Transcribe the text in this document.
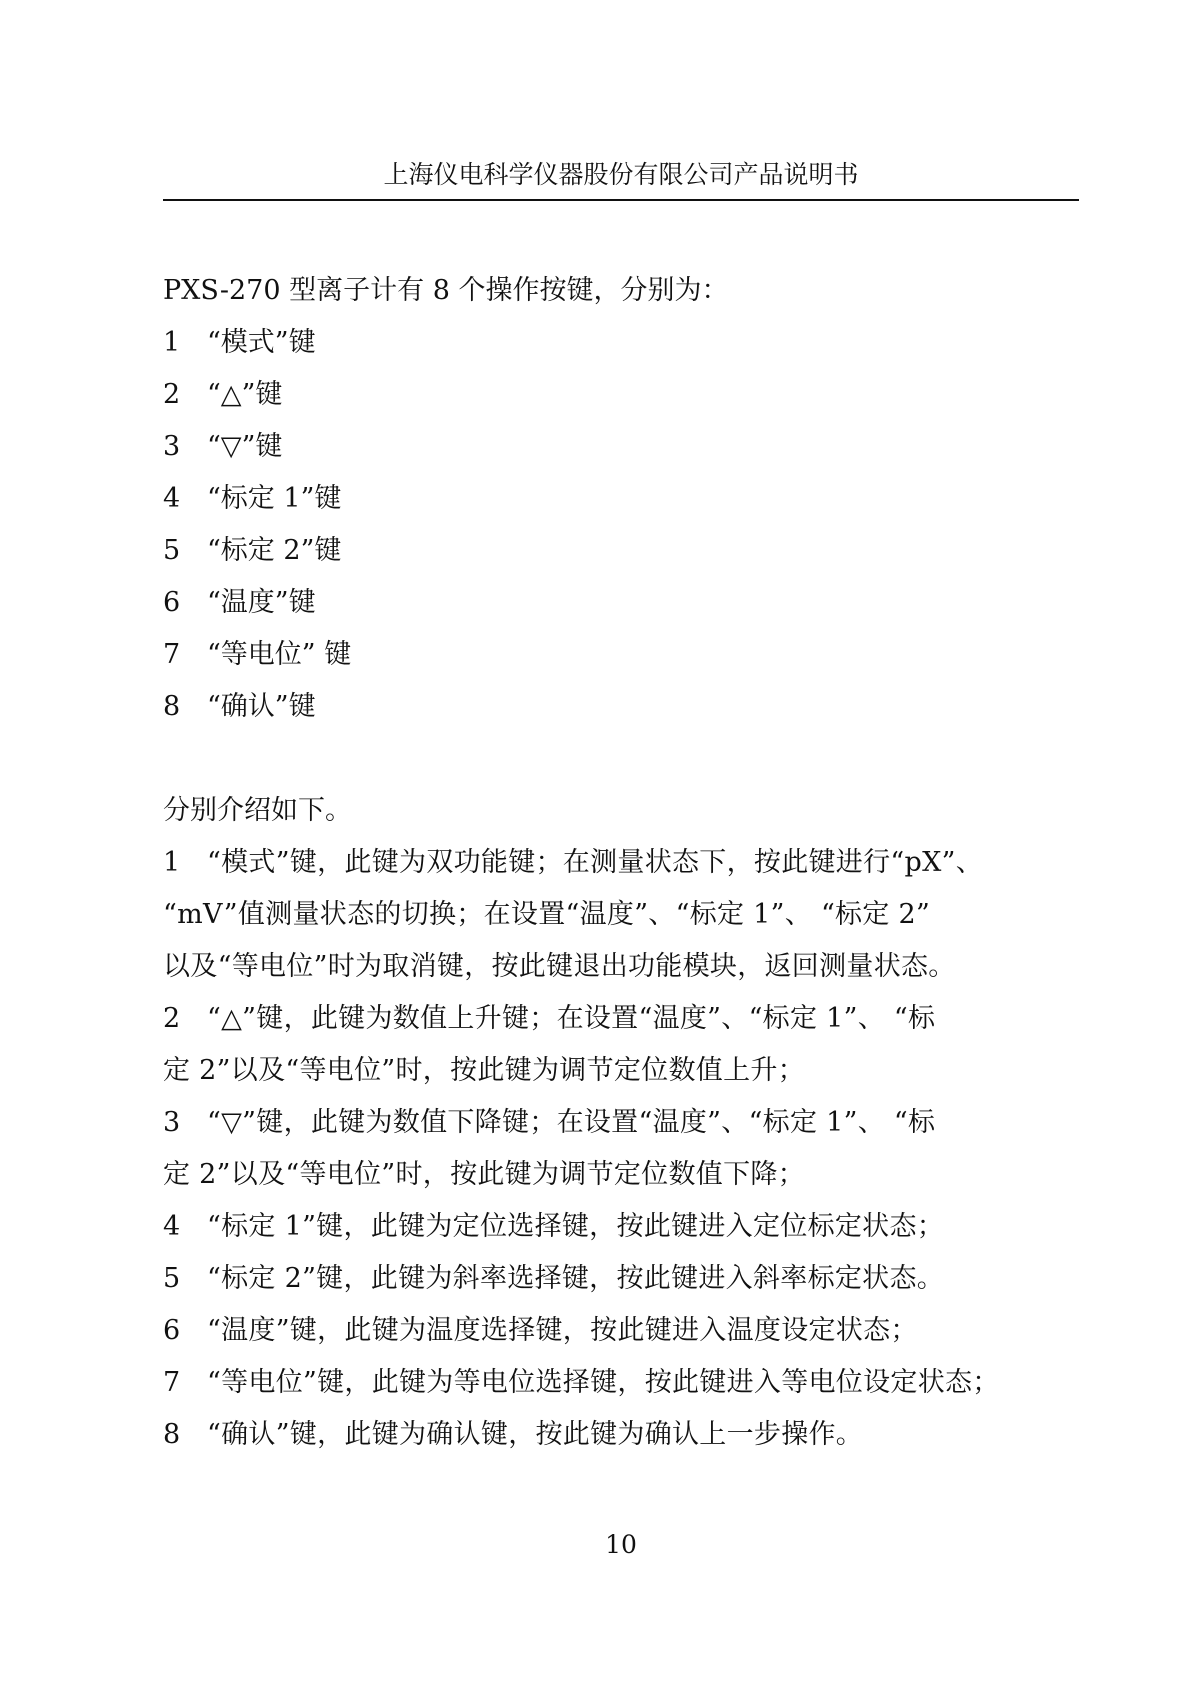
上海仪电科学仪器股份有限公司产品说明书
PXS-270 型离子计有 8 个操作按键，分别为：
1 “模式”键
2 “△”键
3 “▽”键
4 “标定 1”键
5 “标定 2”键
6 “温度”键
7 “等电位” 键
8 “确认”键
分别介绍如下。
1 “模式”键，此键为双功能键；在测量状态下，按此键进行“pX”、
“mV”值测量状态的切换；在设置“温度”、“标定 1”、 “标定 2”
以及“等电位”时为取消键，按此键退出功能模块，返回测量状态。
2 “△”键，此键为数值上升键；在设置“温度”、“标定 1”、 “标
定 2”以及“等电位”时，按此键为调节定位数值上升；
3 “▽”键，此键为数值下降键；在设置“温度”、“标定 1”、 “标
定 2”以及“等电位”时，按此键为调节定位数值下降；
4 “标定 1”键，此键为定位选择键，按此键进入定位标定状态；
5 “标定 2”键，此键为斜率选择键，按此键进入斜率标定状态。
6 “温度”键，此键为温度选择键，按此键进入温度设定状态；
7 “等电位”键，此键为等电位选择键，按此键进入等电位设定状态；
8 “确认”键，此键为确认键，按此键为确认上一步操作。
10
